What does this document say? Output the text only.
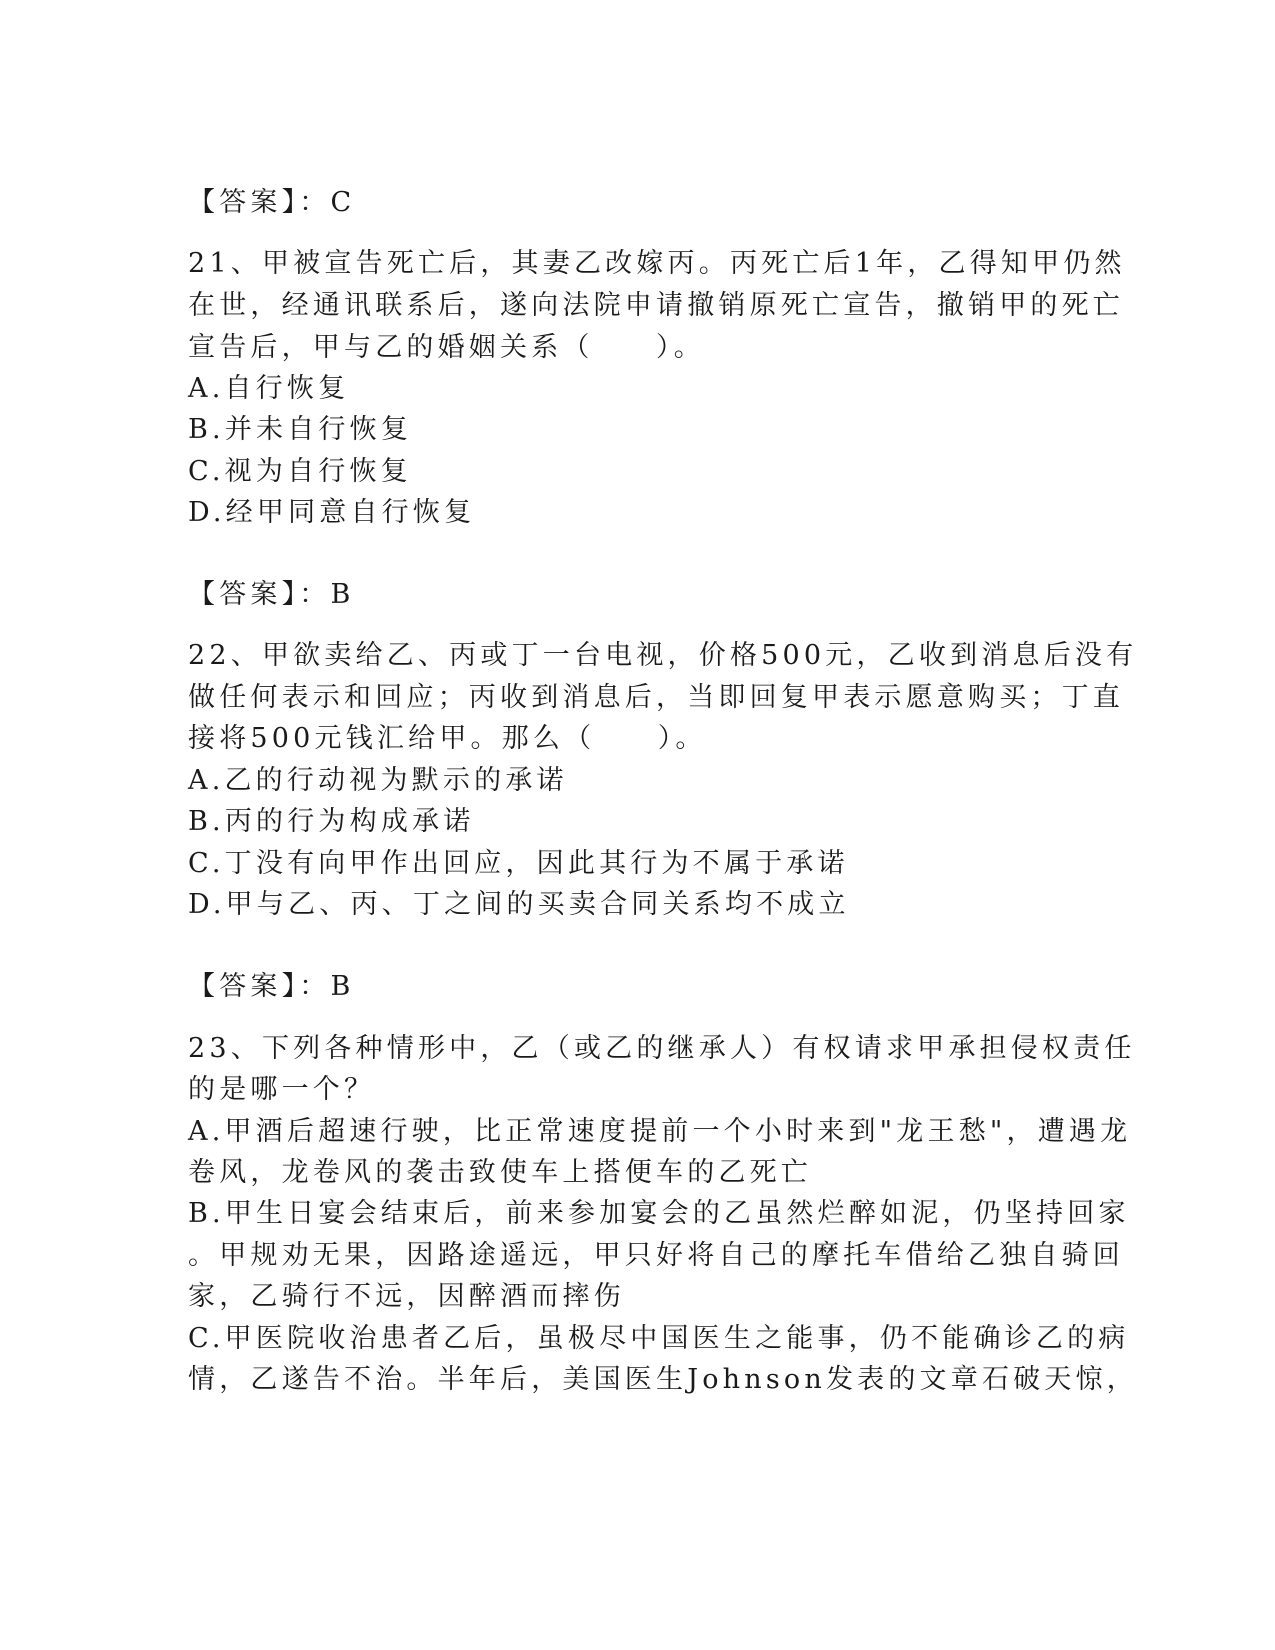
【答案】：C
21、甲被宣告死亡后，其妻乙改嫁丙。丙死亡后1年，乙得知甲仍然
在世，经通讯联系后，遂向法院申请撤销原死亡宣告，撤销甲的死亡
宣告后，甲与乙的婚姻关系（　　）。
A.自行恢复
B.并未自行恢复
C.视为自行恢复
D.经甲同意自行恢复
【答案】：B
22、甲欲卖给乙、丙或丁一台电视，价格500元，乙收到消息后没有
做任何表示和回应；丙收到消息后，当即回复甲表示愿意购买；丁直
接将500元钱汇给甲。那么（　　）。
A.乙的行动视为默示的承诺
B.丙的行为构成承诺
C.丁没有向甲作出回应，因此其行为不属于承诺
D.甲与乙、丙、丁之间的买卖合同关系均不成立
【答案】：B
23、下列各种情形中，乙（或乙的继承人）有权请求甲承担侵权责任
的是哪一个？
A.甲酒后超速行驶，比正常速度提前一个小时来到"龙王愁"，遭遇龙
卷风，龙卷风的袭击致使车上搭便车的乙死亡
B.甲生日宴会结束后，前来参加宴会的乙虽然烂醉如泥，仍坚持回家
。甲规劝无果，因路途遥远，甲只好将自己的摩托车借给乙独自骑回
家，乙骑行不远，因醉酒而摔伤
C.甲医院收治患者乙后，虽极尽中国医生之能事，仍不能确诊乙的病
情，乙遂告不治。半年后，美国医生Johnson发表的文章石破天惊，
